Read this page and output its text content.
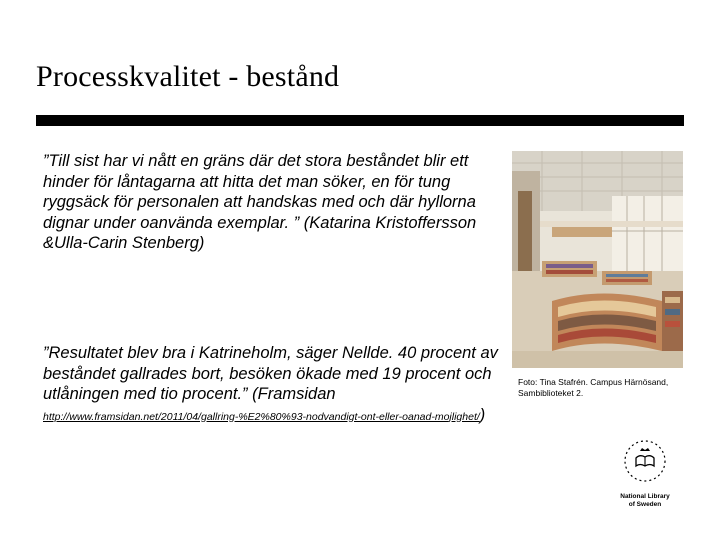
Processkvalitet - bestånd
”Till sist har vi nått en gräns där det stora beståndet blir ett hinder för låntagarna att hitta det man söker, en för tung ryggsäck för personalen att handskas med och där hyllorna dignar under oanvända exemplar. ” (Katarina Kristoffersson &Ulla-Carin Stenberg)
”Resultatet blev bra i Katrineholm, säger Nellde. 40 procent av beståndet gallrades bort, besöken ökade med 19 procent och utlåningen med tio procent.” (Framsidan http://www.framsidan.net/2011/04/gallring-%E2%80%93-nodvandigt-ont-eller-oanad-mojlighet/)
Foto: Tina Stafrén. Campus Härnösand, Sambiblioteket 2.
National Library
of Sweden
